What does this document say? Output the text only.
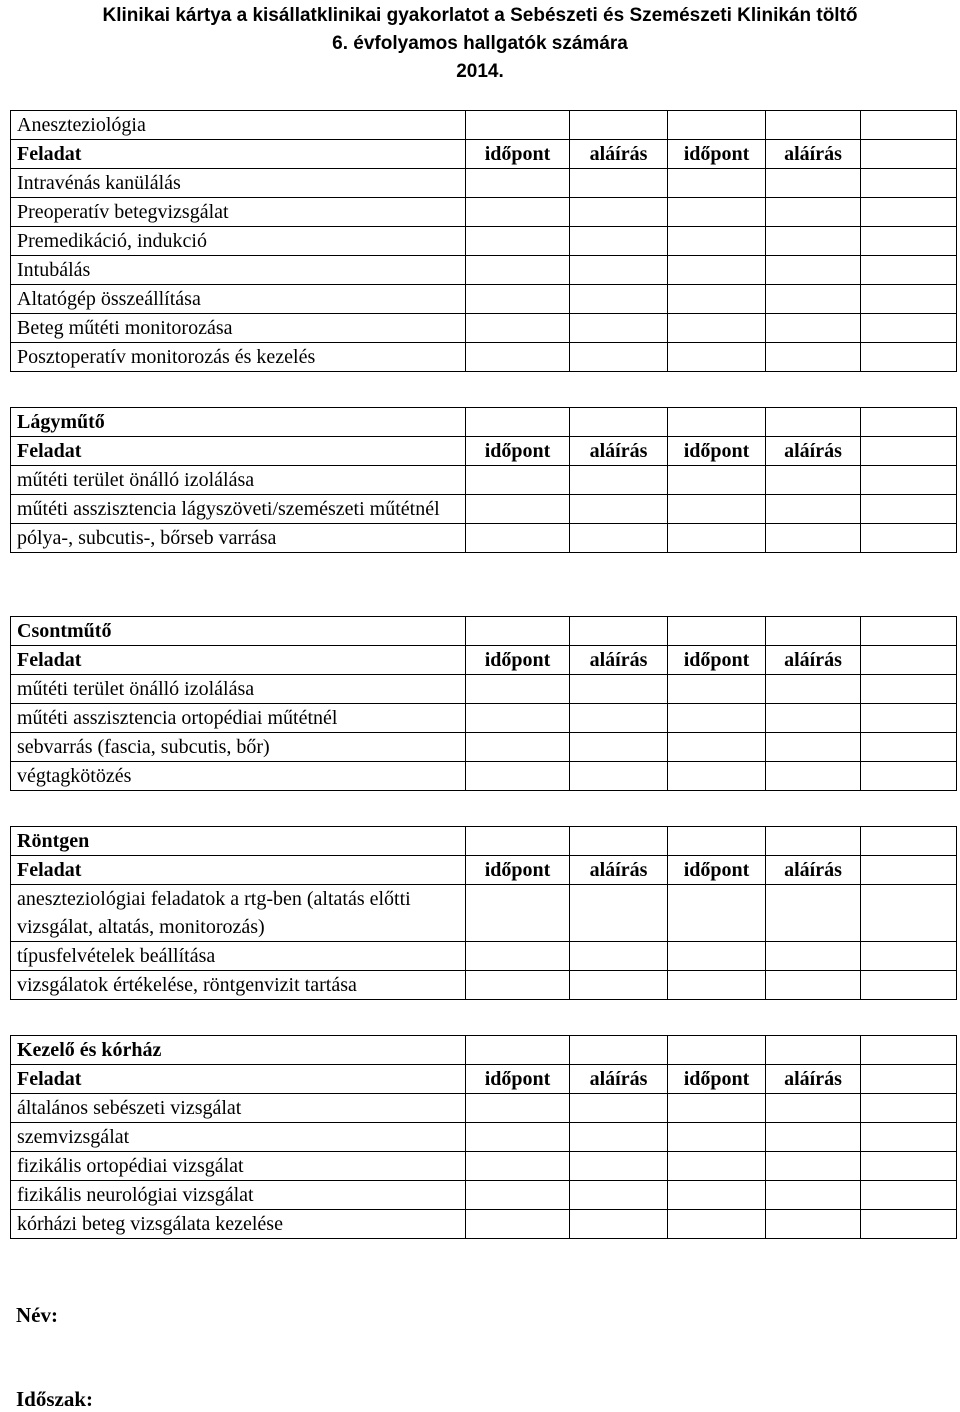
Klinikai kártya a kisállatklinikai gyakorlatot a Sebészeti és Szemészeti Klinikán töltő
6. évfolyamos hallgatók számára
2014.
Aneszteziológia					
Feladat	időpont	aláírás	időpont	aláírás	
Intravénás kanülálás					
Preoperatív betegvizsgálat					
Premedikáció, indukció					
Intubálás					
Altatógép összeállítása					
Beteg műtéti monitorozása					
Posztoperatív monitorozás és kezelés					
Lágyműtő					
Feladat	időpont	aláírás	időpont	aláírás	
műtéti terület önálló izolálása					
műtéti asszisztencia lágyszöveti/szemészeti műtétnél					
pólya-, subcutis-, bőrseb varrása					
Csontműtő					
Feladat	időpont	aláírás	időpont	aláírás	
műtéti terület önálló izolálása					
műtéti asszisztencia ortopédiai műtétnél					
sebvarrás (fascia, subcutis, bőr)					
végtagkötözés					
Röntgen					
Feladat	időpont	aláírás	időpont	aláírás	
aneszteziológiai feladatok a rtg-ben (altatás előtti vizsgálat, altatás, monitorozás)					
típusfelvételek beállítása					
vizsgálatok értékelése, röntgenvizit tartása					
Kezelő és kórház					
Feladat	időpont	aláírás	időpont	aláírás	
általános sebészeti vizsgálat					
szemvizsgálat					
fizikális ortopédiai vizsgálat					
fizikális neurológiai vizsgálat					
kórházi beteg vizsgálata kezelése					
Név:
Időszak:
